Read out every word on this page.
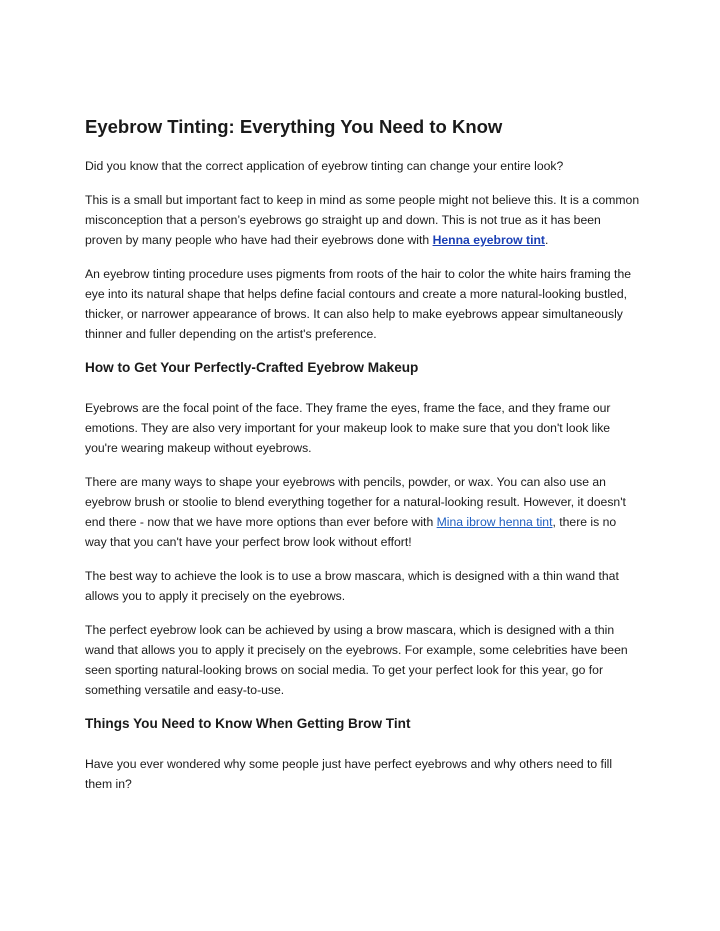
Eyebrow Tinting: Everything You Need to Know

Did you know that the correct application of eyebrow tinting can change your entire look?

This is a small but important fact to keep in mind as some people might not believe this. It is a common misconception that a person’s eyebrows go straight up and down. This is not true as it has been proven by many people who have had their eyebrows done with Henna eyebrow tint.

An eyebrow tinting procedure uses pigments from roots of the hair to color the white hairs framing the eye into its natural shape that helps define facial contours and create a more natural-looking bustled, thicker, or narrower appearance of brows. It can also help to make eyebrows appear simultaneously thinner and fuller depending on the artist's preference.

How to Get Your Perfectly-Crafted Eyebrow Makeup

Eyebrows are the focal point of the face. They frame the eyes, frame the face, and they frame our emotions. They are also very important for your makeup look to make sure that you don't look like you're wearing makeup without eyebrows.

There are many ways to shape your eyebrows with pencils, powder, or wax. You can also use an eyebrow brush or stoolie to blend everything together for a natural-looking result. However, it doesn't end there - now that we have more options than ever before with Mina ibrow henna tint, there is no way that you can't have your perfect brow look without effort!

The best way to achieve the look is to use a brow mascara, which is designed with a thin wand that allows you to apply it precisely on the eyebrows.

The perfect eyebrow look can be achieved by using a brow mascara, which is designed with a thin wand that allows you to apply it precisely on the eyebrows. For example, some celebrities have been seen sporting natural-looking brows on social media. To get your perfect look for this year, go for something versatile and easy-to-use.

Things You Need to Know When Getting Brow Tint

Have you ever wondered why some people just have perfect eyebrows and why others need to fill them in?
